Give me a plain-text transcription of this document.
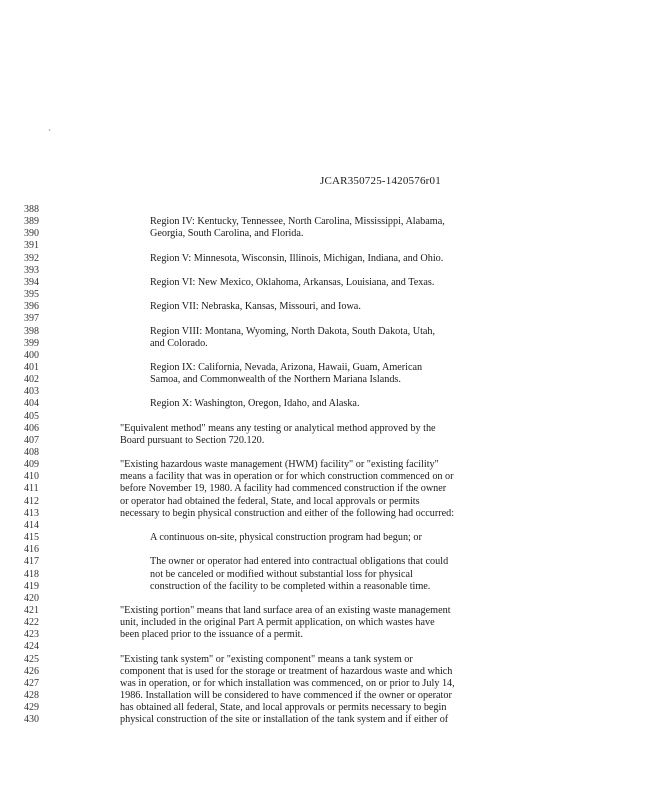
`
JCAR350725-1420576r01
388
389	Region IV: Kentucky, Tennessee, North Carolina, Mississippi, Alabama,
390	Georgia, South Carolina, and Florida.
391
392	Region V: Minnesota, Wisconsin, Illinois, Michigan, Indiana, and Ohio.
393
394	Region VI: New Mexico, Oklahoma, Arkansas, Louisiana, and Texas.
395
396	Region VII: Nebraska, Kansas, Missouri, and Iowa.
397
398	Region VIII: Montana, Wyoming, North Dakota, South Dakota, Utah,
399	and Colorado.
400
401	Region IX: California, Nevada, Arizona, Hawaii, Guam, American
402	Samoa, and Commonwealth of the Northern Mariana Islands.
403
404	Region X: Washington, Oregon, Idaho, and Alaska.
405
406	"Equivalent method" means any testing or analytical method approved by the
407	Board pursuant to Section 720.120.
408
409	"Existing hazardous waste management (HWM) facility" or "existing facility"
410	means a facility that was in operation or for which construction commenced on or
411	before November 19, 1980. A facility had commenced construction if the owner
412	or operator had obtained the federal, State, and local approvals or permits
413	necessary to begin physical construction and either of the following had occurred:
414
415	A continuous on-site, physical construction program had begun; or
416
417	The owner or operator had entered into contractual obligations that could
418	not be canceled or modified without substantial loss for physical
419	construction of the facility to be completed within a reasonable time.
420
421	"Existing portion" means that land surface area of an existing waste management
422	unit, included in the original Part A permit application, on which wastes have
423	been placed prior to the issuance of a permit.
424
425	"Existing tank system" or "existing component" means a tank system or
426	component that is used for the storage or treatment of hazardous waste and which
427	was in operation, or for which installation was commenced, on or prior to July 14,
428	1986. Installation will be considered to have commenced if the owner or operator
429	has obtained all federal, State, and local approvals or permits necessary to begin
430	physical construction of the site or installation of the tank system and if either of
